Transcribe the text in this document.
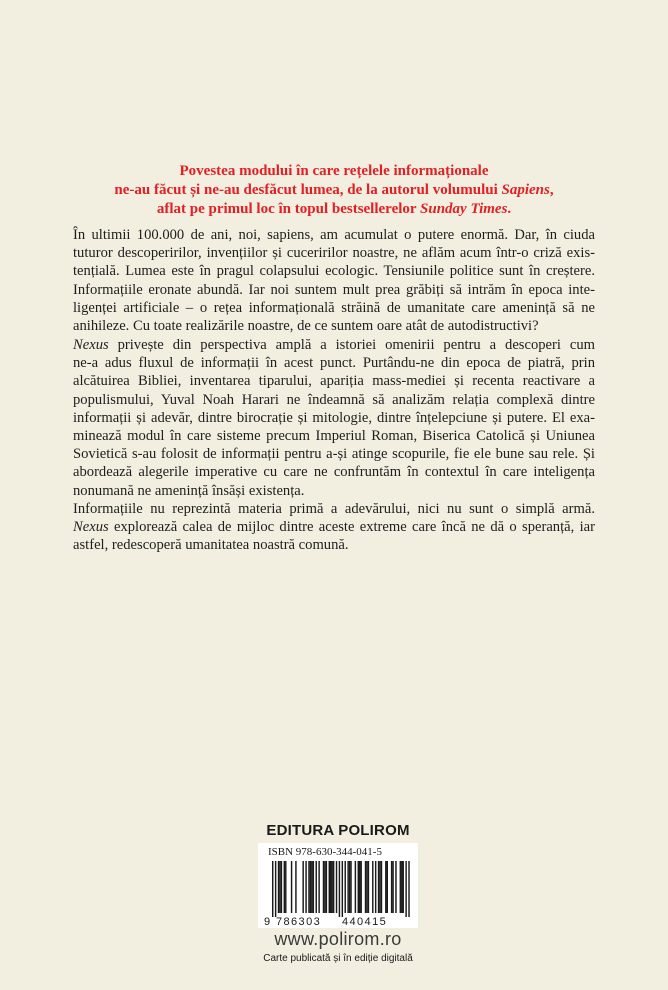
Povestea modului în care rețelele informaționale
ne-au făcut și ne-au desfăcut lumea, de la autorul volumului Sapiens,
aflat pe primul loc în topul bestsellerelor Sunday Times.
În ultimii 100.000 de ani, noi, sapiens, am acumulat o putere enormă. Dar, în ciuda
tuturor descoperirilor, invențiilor și cuceririlor noastre, ne aflăm acum într-o criză exis-
tențială. Lumea este în pragul colapsului ecologic. Tensiunile politice sunt în creștere.
Informațiile eronate abundă. Iar noi suntem mult prea grăbiți să intrăm în epoca inte-
ligenței artificiale – o rețea informațională străină de umanitate care amenință să ne
anihileze. Cu toate realizările noastre, de ce suntem oare atât de autodistructivi?
Nexus privește din perspectiva amplă a istoriei omenirii pentru a descoperi cum
ne-a adus fluxul de informații în acest punct. Purtându-ne din epoca de piatră, prin
alcătuirea Bibliei, inventarea tiparului, apariția mass-mediei și recenta reactivare a
populismului, Yuval Noah Harari ne îndeamnă să analizăm relația complexă dintre
informații și adevăr, dintre birocrație și mitologie, dintre înțelepciune și putere. El exa-
minează modul în care sisteme precum Imperiul Roman, Biserica Catolică și Uniunea
Sovietică s-au folosit de informații pentru a-și atinge scopurile, fie ele bune sau rele. Și
abordează alegerile imperative cu care ne confruntăm în contextul în care inteligența
nonumană ne amenință însăși existența.
Informațiile nu reprezintă materia primă a adevărului, nici nu sunt o simplă armă.
Nexus explorează calea de mijloc dintre aceste extreme care încă ne dă o speranță, iar
astfel, redescoperă umanitatea noastră comună.
EDITURA POLIROM
ISBN 978-630-344-041-5
9 786303 440415
www.polirom.ro
Carte publicată și în ediție digitală
